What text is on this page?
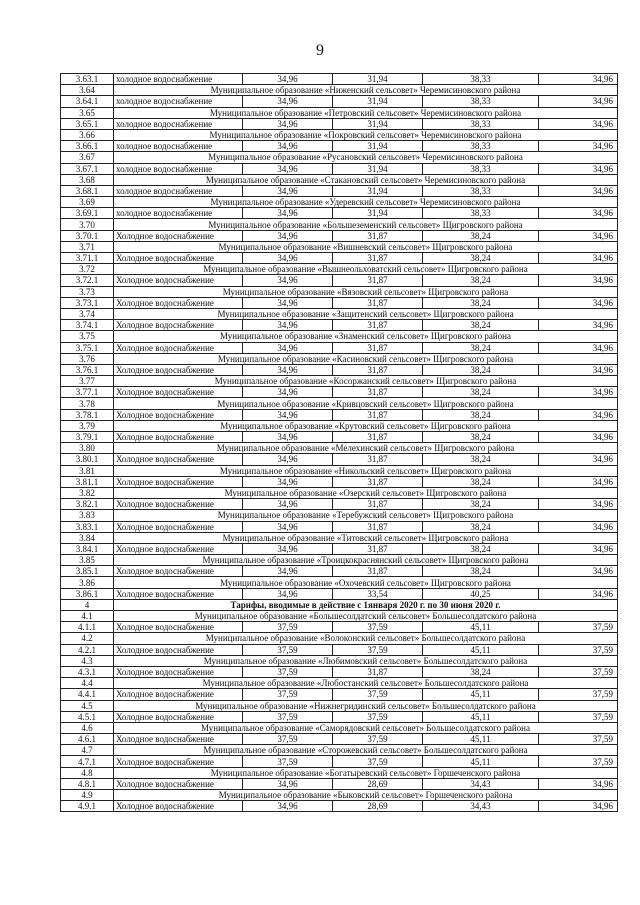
9
3.63.1	холодное водоснабжение	34,96	31,94	38,33	34,96
3.64	Муниципальное образование «Ниженский сельсовет» Черемисиновского района				
3.64.1	холодное водоснабжение	34,96	31,94	38,33	34,96
3.65	Муниципальное образование «Петровский сельсовет» Черемисиновского района				
3.65.1	холодное водоснабжение	34,96	31,94	38,33	34,96
3.66	Муниципальное образование «Покровский сельсовет» Черемисиновского района				
3.66.1	холодное водоснабжение	34,96	31,94	38,33	34,96
3.67	Муниципальное образование «Русановский сельсовет» Черемисиновского района				
3.67.1	холодное водоснабжение	34,96	31,94	38,33	34,96
3.68	Муниципальное образование «Стакановский сельсовет» Черемисиновского района				
3.68.1	холодное водоснабжение	34,96	31,94	38,33	34,96
3.69	Муниципальное образование «Удеревский сельсовет» Черемисиновского района				
3.69.1	холодное водоснабжение	34,96	31,94	38,33	34,96
3.70	Муниципальное образование «Большеземенский сельсовет» Щигровского района				
3.70.1	Холодное водоснабжение	34,96	31,87	38,24	34,96
3.71	Муниципальное образование «Вишневский сельсовет» Щигровского района				
3.71.1	Холодное водоснабжение	34,96	31,87	38,24	34,96
3.72	Муниципальное образование «Вышнеольховатский сельсовет» Щигровского района				
3.72.1	Холодное водоснабжение	34,96	31,87	38,24	34,96
3.73	Муниципальное образование «Вязовский сельсовет» Щигровского района				
3.73.1	Холодное водоснабжение	34,96	31,87	38,24	34,96
3.74	Муниципальное образование «Защитенский сельсовет» Щигровского района				
3.74.1	Холодное водоснабжение	34,96	31,87	38,24	34,96
3.75	Муниципальное образование «Знаменский сельсовет» Щигровского района				
3.75.1	Холодное водоснабжение	34,96	31,87	38,24	34,96
3.76	Муниципальное образование «Касиновский сельсовет» Щигровского района				
3.76.1	Холодное водоснабжение	34,96	31,87	38,24	34,96
3.77	Муниципальное образование «Косоржанский сельсовет» Щигровского района				
3.77.1	Холодное водоснабжение	34,96	31,87	38,24	34,96
3.78	Муниципальное образование «Кривцовский сельсовет» Щигровского района				
3.78.1	Холодное водоснабжение	34,96	31,87	38,24	34,96
3.79	Муниципальное образование «Крутовский сельсовет» Щигровского района				
3.79.1	Холодное водоснабжение	34,96	31,87	38,24	34,96
3.80	Муниципальное образование «Мелехинский сельсовет» Щигровского района				
3.80.1	Холодное водоснабжение	34,96	31,87	38,24	34,96
3.81	Муниципальное образование «Никольский сельсовет» Щигровского района				
3.81.1	Холодное водоснабжение	34,96	31,87	38,24	34,96
3.82	Муниципальное образование «Озерский сельсовет» Щигровского района				
3.82.1	Холодное водоснабжение	34,96	31,87	38,24	34,96
3.83	Муниципальное образование «Теребужский сельсовет» Щигровского района				
3.83.1	Холодное водоснабжение	34,96	31,87	38,24	34,96
3.84	Муниципальное образование «Титовский сельсовет» Щигровского района				
3.84.1	Холодное водоснабжение	34,96	31,87	38,24	34,96
3.85	Муниципальное образование «Троицкокраснянский сельсовет» Щигровского района				
3.85.1	Холодное водоснабжение	34,96	31,87	38,24	34,96
3.86	Муниципальное образование «Охочевский сельсовет» Щигровского района				
3.86.1	Холодное водоснабжение	34,96	33,54	40,25	34,96
4	Тарифы, вводимые в действие с 1января 2020 г. по 30 июня 2020 г.				
4.1	Муниципальное образование «Большесолдатский сельсовет» Большесолдатского района				
4.1.1	Холодное водоснабжение	37,59	37,59	45,11	37,59
4.2	Муниципальное образование «Волоконский сельсовет» Большесолдатского района				
4.2.1	Холодное водоснабжение	37,59	37,59	45,11	37,59
4.3	Муниципальное образование «Любимовский сельсовет» Большесолдатского района				
4.3.1	Холодное водоснабжение	37,59	31,87	38,24	37,59
4.4	Муниципальное образование «Любостанский сельсовет» Большесолдатского района				
4.4.1	Холодное водоснабжение	37,59	37,59	45,11	37,59
4.5	Муниципальное образование «Нижнегридинский сельсовет» Большесолдатского района				
4.5.1	Холодное водоснабжение	37,59	37,59	45,11	37,59
4.6	Муниципальное образование «Саморядовский сельсовет» Большесолдатского района				
4.6.1	Холодное водоснабжение	37,59	37,59	45,11	37,59
4.7	Муниципальное образование «Сторожевский сельсовет» Большесолдатского района				
4.7.1	Холодное водоснабжение	37,59	37,59	45,11	37,59
4.8	Муниципальное образование «Богатыревский сельсовет» Горшеченского района				
4.8.1	Холодное водоснабжение	34,96	28,69	34,43	34,96
4.9	Муниципальное образование «Быковский сельсовет» Горшеченского района				
4.9.1	Холодное водоснабжение	34,96	28,69	34,43	34,96
